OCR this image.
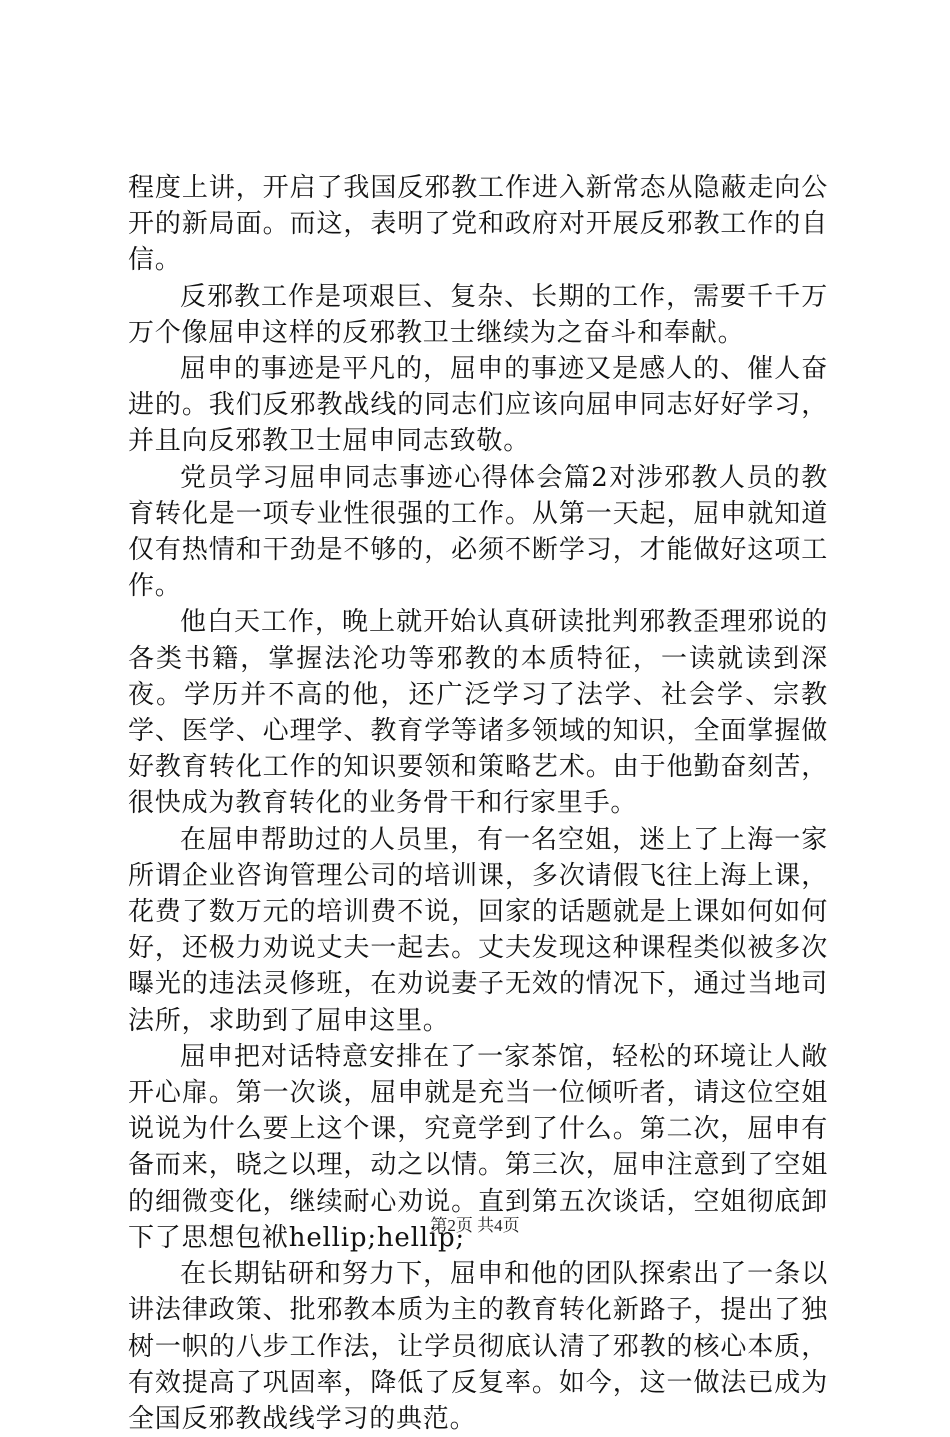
程度上讲，开启了我国反邪教工作进入新常态从隐蔽走向公开的新局面。而这，表明了党和政府对开展反邪教工作的自信。

反邪教工作是项艰巨、复杂、长期的工作，需要千千万万个像屈申这样的反邪教卫士继续为之奋斗和奉献。

屈申的事迹是平凡的，屈申的事迹又是感人的、催人奋进的。我们反邪教战线的同志们应该向屈申同志好好学习，并且向反邪教卫士屈申同志致敬。

党员学习屈申同志事迹心得体会篇2对涉邪教人员的教育转化是一项专业性很强的工作。从第一天起，屈申就知道仅有热情和干劲是不够的，必须不断学习，才能做好这项工作。

他白天工作，晚上就开始认真研读批判邪教歪理邪说的各类书籍，掌握法沦功等邪教的本质特征，一读就读到深夜。学历并不高的他，还广泛学习了法学、社会学、宗教学、医学、心理学、教育学等诸多领域的知识，全面掌握做好教育转化工作的知识要领和策略艺术。由于他勤奋刻苦，很快成为教育转化的业务骨干和行家里手。

在屈申帮助过的人员里，有一名空姐，迷上了上海一家所谓企业咨询管理公司的培训课，多次请假飞往上海上课，花费了数万元的培训费不说，回家的话题就是上课如何如何好，还极力劝说丈夫一起去。丈夫发现这种课程类似被多次曝光的违法灵修班，在劝说妻子无效的情况下，通过当地司法所，求助到了屈申这里。

屈申把对话特意安排在了一家茶馆，轻松的环境让人敞开心扉。第一次谈，屈申就是充当一位倾听者，请这位空姐说说为什么要上这个课，究竟学到了什么。第二次，屈申有备而来，晓之以理，动之以情。第三次，屈申注意到了空姐的细微变化，继续耐心劝说。直到第五次谈话，空姐彻底卸下了思想包袱hellip;hellip;

在长期钻研和努力下，屈申和他的团队探索出了一条以讲法律政策、批邪教本质为主的教育转化新路子，提出了独树一帜的八步工作法，让学员彻底认清了邪教的核心本质，有效提高了巩固率，降低了反复率。如今，这一做法已成为全国反邪教战线学习的典范。

第2页 共4页
